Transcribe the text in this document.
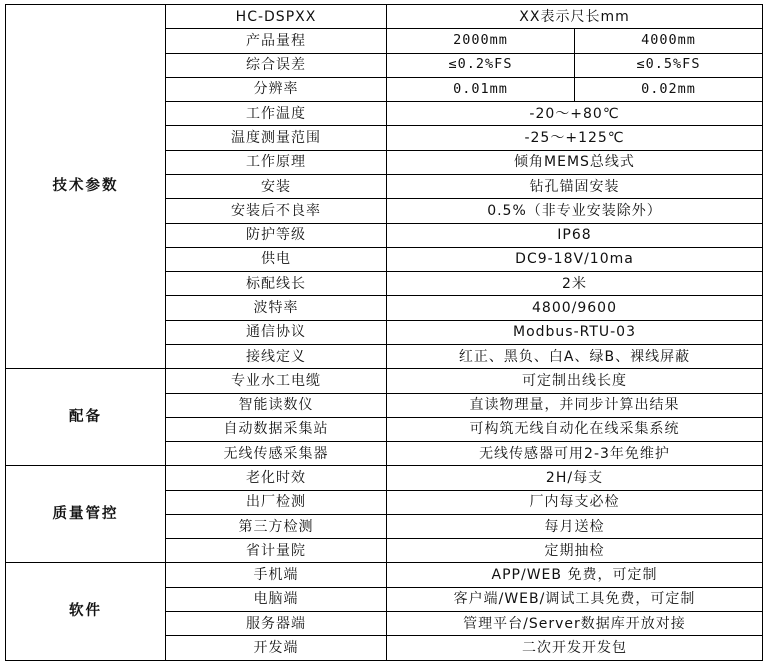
技术参数	HC-DSPXX	XX表示尺长mm	
	产品量程	2000mm	4000mm
	综合误差	≤0.2%FS	≤0.5%FS
	分辨率	0.01mm	0.02mm
	工作温度	-20～+80℃	
	温度测量范围	-25～+125℃	
	工作原理	倾角MEMS总线式	
	安装	钻孔锚固安装	
	安装后不良率	0.5%（非专业安装除外）	
	防护等级	IP68	
	供电	DC9-18V/10ma	
	标配线长	2米	
	波特率	4800/9600	
	通信协议	Modbus-RTU-03	
	接线定义	红正、黑负、白A、绿B、裸线屏蔽	
配备	专业水工电缆	可定制出线长度	
	智能读数仪	直读物理量，并同步计算出结果	
	自动数据采集站	可构筑无线自动化在线采集系统	
	无线传感采集器	无线传感器可用2-3年免维护	
质量管控	老化时效	2H/每支	
	出厂检测	厂内每支必检	
	第三方检测	每月送检	
	省计量院	定期抽检	
软件	手机端	APP/WEB 免费，可定制	
	电脑端	客户端/WEB/调试工具免费，可定制	
	服务器端	管理平台/Server数据库开放对接	
	开发端	二次开发开发包	
